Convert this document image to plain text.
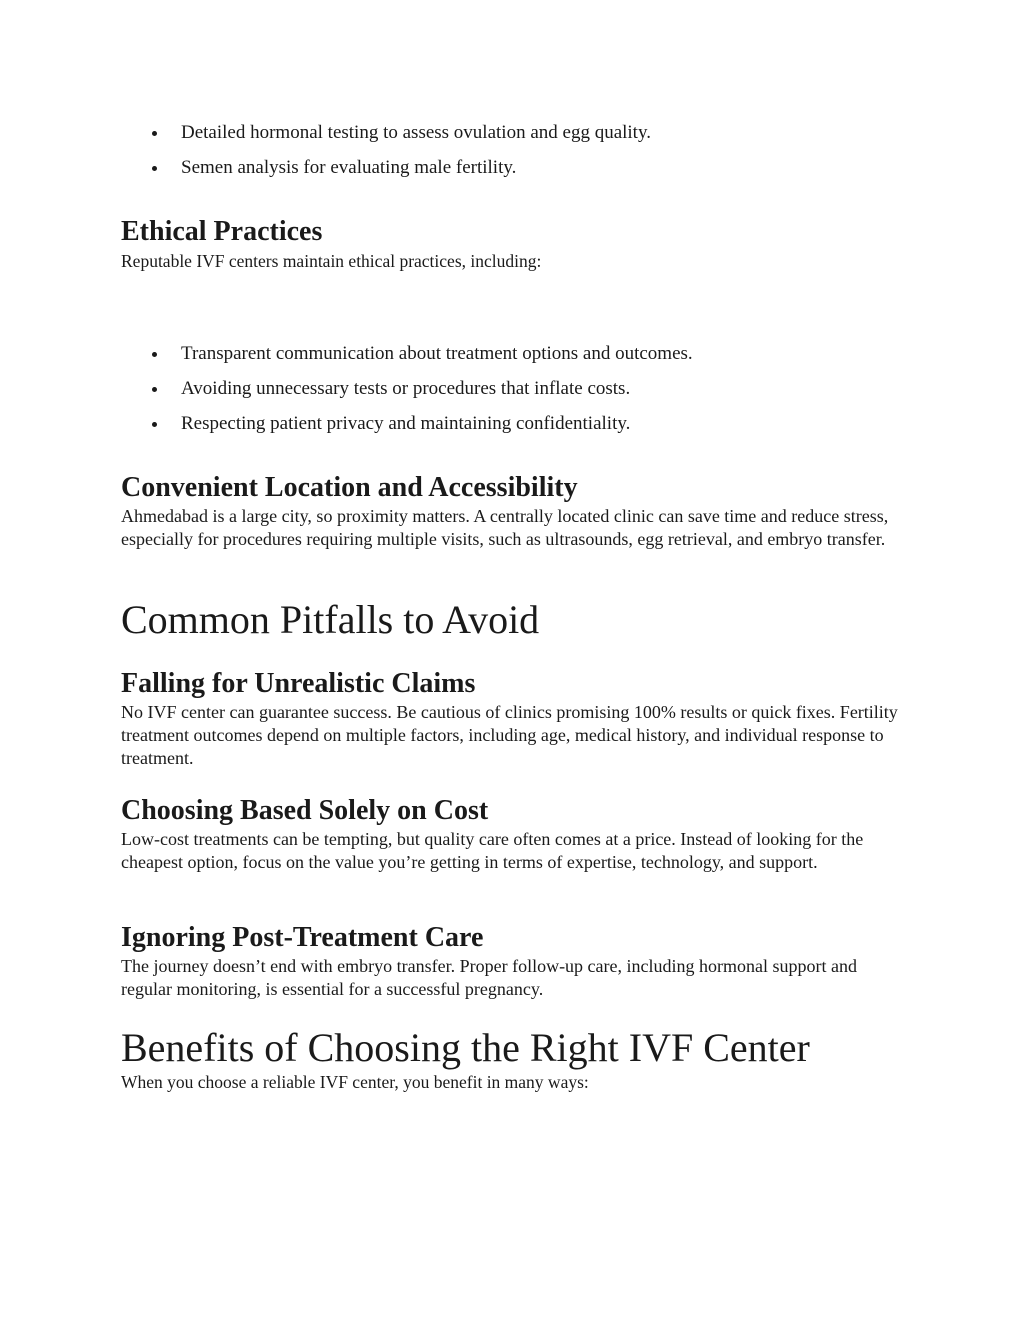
Detailed hormonal testing to assess ovulation and egg quality.
Semen analysis for evaluating male fertility.
Ethical Practices

Reputable IVF centers maintain ethical practices, including:

Transparent communication about treatment options and outcomes.
Avoiding unnecessary tests or procedures that inflate costs.
Respecting patient privacy and maintaining confidentiality.
Convenient Location and Accessibility

Ahmedabad is a large city, so proximity matters. A centrally located clinic can save time and reduce stress, especially for procedures requiring multiple visits, such as ultrasounds, egg retrieval, and embryo transfer.

Common Pitfalls to Avoid
Falling for Unrealistic Claims

No IVF center can guarantee success. Be cautious of clinics promising 100% results or quick fixes. Fertility treatment outcomes depend on multiple factors, including age, medical history, and individual response to treatment.

Choosing Based Solely on Cost

Low-cost treatments can be tempting, but quality care often comes at a price. Instead of looking for the cheapest option, focus on the value you’re getting in terms of expertise, technology, and support.

Ignoring Post-Treatment Care

The journey doesn’t end with embryo transfer. Proper follow-up care, including hormonal support and regular monitoring, is essential for a successful pregnancy.

Benefits of Choosing the Right IVF Center

When you choose a reliable IVF center, you benefit in many ways:
